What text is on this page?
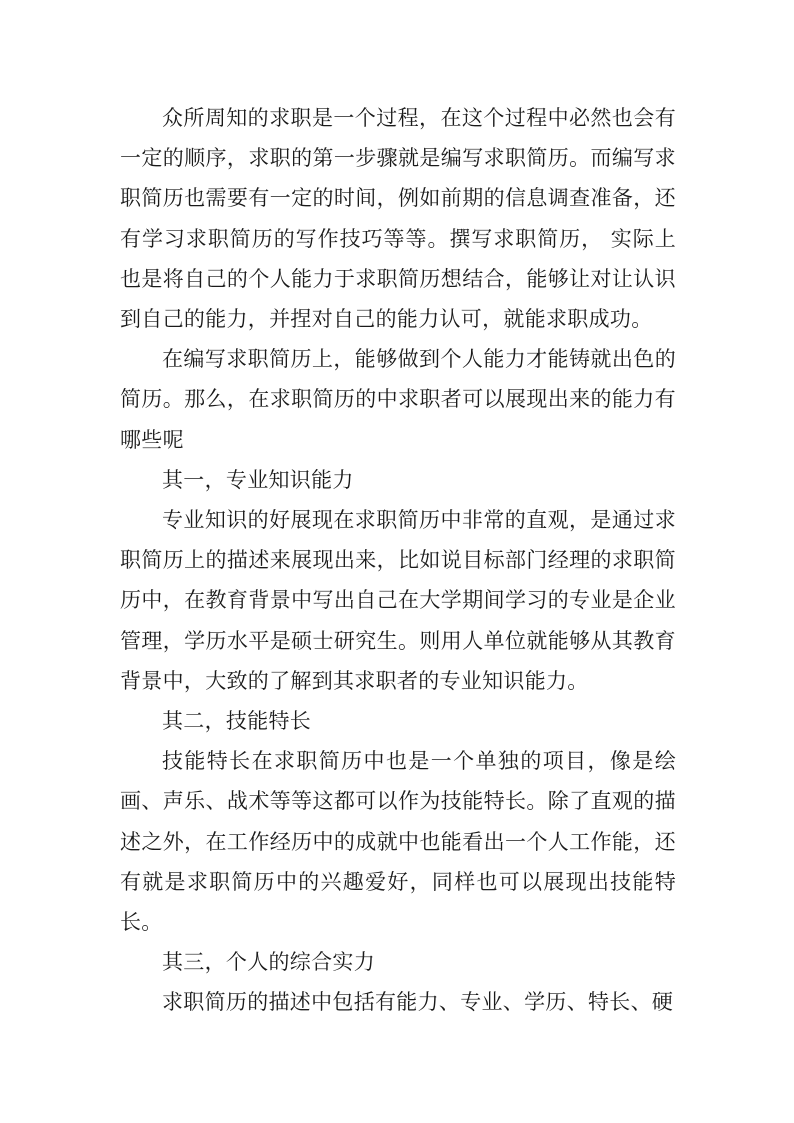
众所周知的求职是一个过程，在这个过程中必然也会有一定的顺序，求职的第一步骤就是编写求职简历。而编写求职简历也需要有一定的时间，例如前期的信息调查准备，还有学习求职简历的写作技巧等等。撰写求职简历， 实际上也是将自己的个人能力于求职简历想结合，能够让对让认识到自己的能力，并捏对自己的能力认可，就能求职成功。

在编写求职简历上，能够做到个人能力才能铸就出色的简历。那么，在求职简历的中求职者可以展现出来的能力有哪些呢

其一，专业知识能力

专业知识的好展现在求职简历中非常的直观，是通过求职简历上的描述来展现出来，比如说目标部门经理的求职简历中，在教育背景中写出自己在大学期间学习的专业是企业管理，学历水平是硕士研究生。则用人单位就能够从其教育背景中，大致的了解到其求职者的专业知识能力。

其二，技能特长

技能特长在求职简历中也是一个单独的项目，像是绘画、声乐、战术等等这都可以作为技能特长。除了直观的描述之外，在工作经历中的成就中也能看出一个人工作能，还有就是求职简历中的兴趣爱好，同样也可以展现出技能特长。

其三，个人的综合实力

求职简历的描述中包括有能力、专业、学历、特长、硬
